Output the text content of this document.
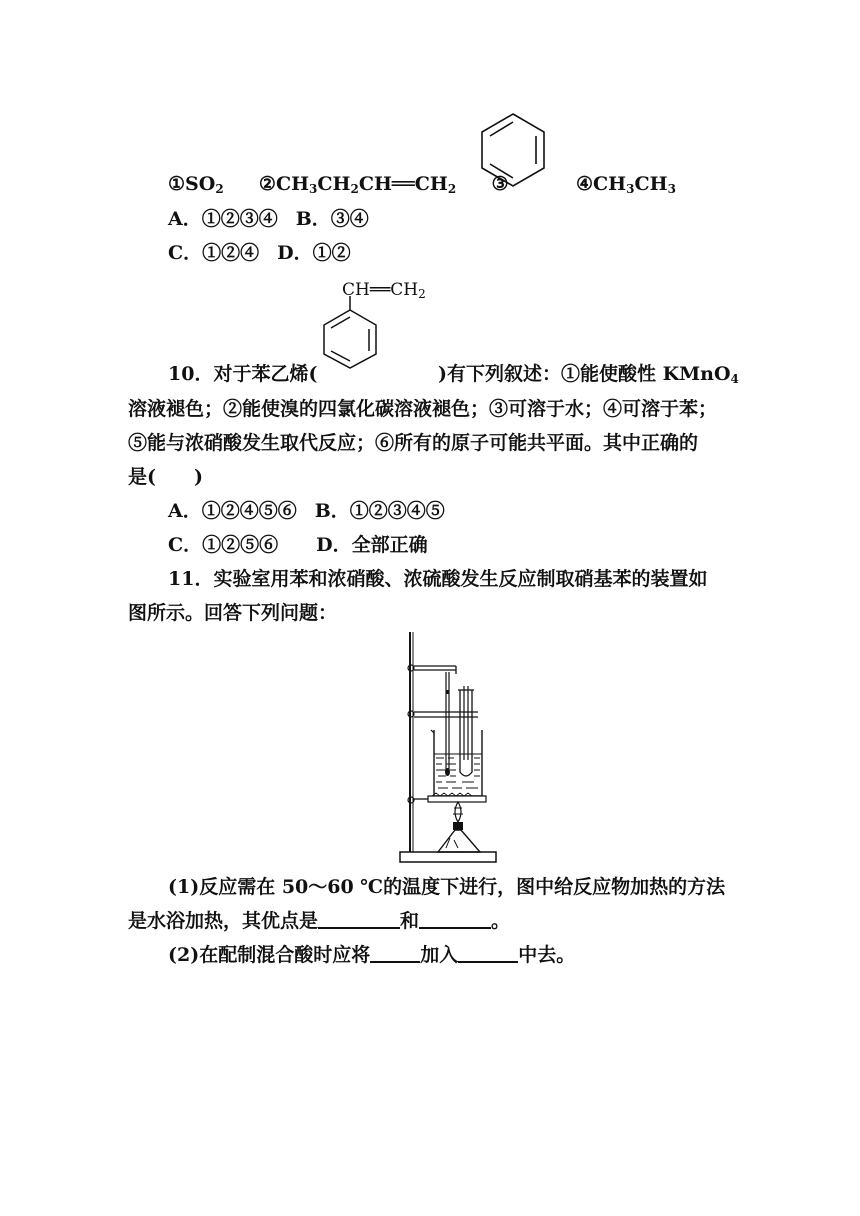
$①SO_2$ $②CH_3CH_2CH══CH_2$ ③	$④CH_3CH_3$
A．①②③④ B．③④
C．①②④ D．①②
$CH══CH_2$
10．对于苯乙烯(	)有下列叙述：①能使酸性 KMnO$_4$
溶液褪色；②能使溴的四氯化碳溶液褪色；③可溶于水；④可溶于苯；
⑤能与浓硝酸发生取代反应；⑥所有的原子可能共平面。其中正确的
是(　　)
A．①②④⑤⑥ B．①②③④⑤
C．①②⑤⑥ D．全部正确
11．实验室用苯和浓硝酸、浓硫酸发生反应制取硝基苯的装置如
图所示。回答下列问题：
(1)反应需在 50～60 ℃的温度下进行，图中给反应物加热的方法
是水浴加热，其优点是	和	。
(2)在配制混合酸时应将	加入	中去。
